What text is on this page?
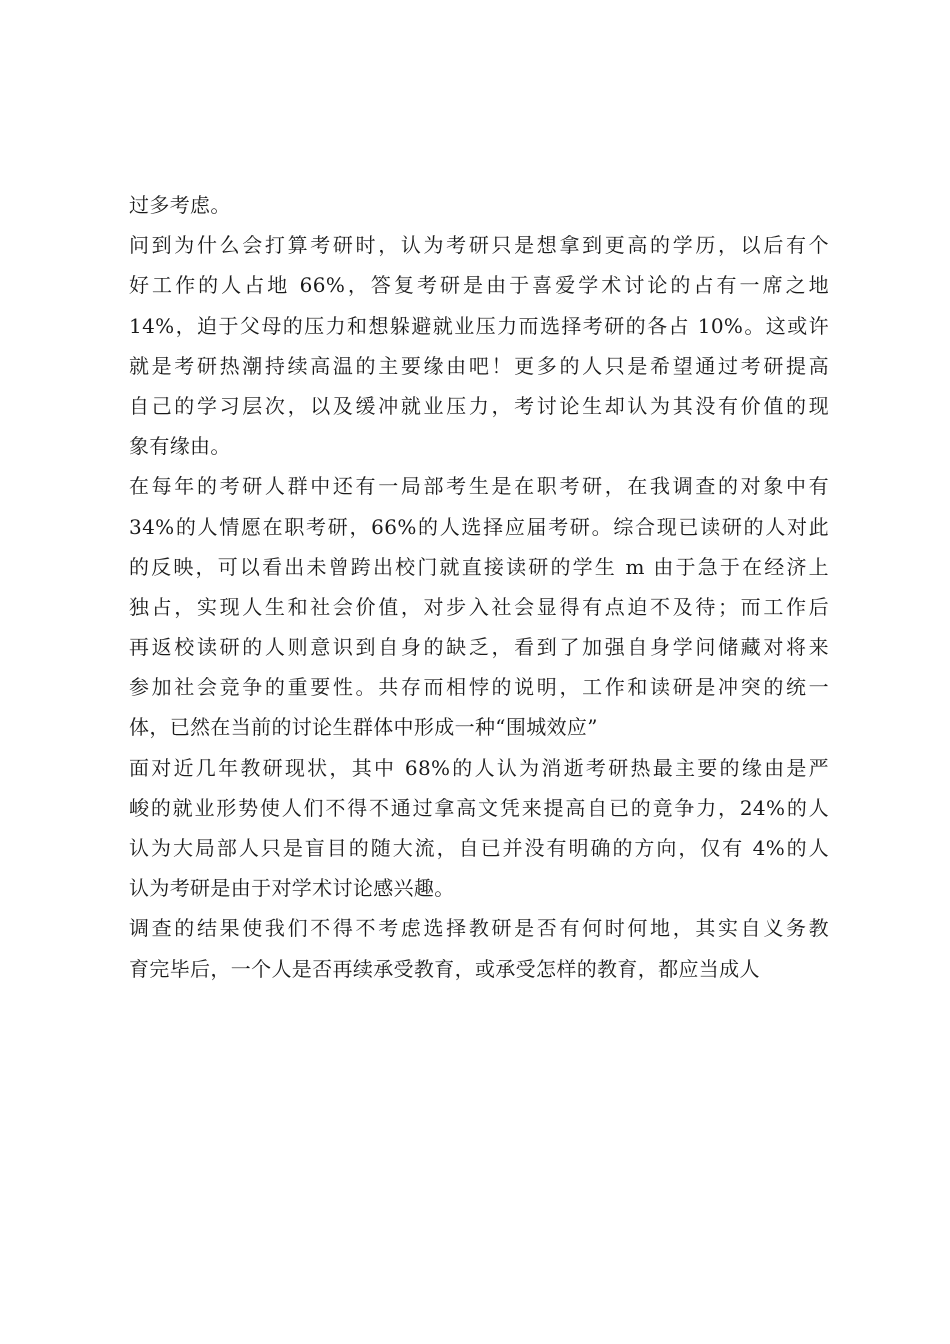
过多考虑。
问到为什么会打算考研时，认为考研只是想拿到更高的学历，以后有个
好工作的人占地 66%，答复考研是由于喜爱学术讨论的占有一席之地
14%，迫于父母的压力和想躲避就业压力而选择考研的各占 10%。这或许
就是考研热潮持续高温的主要缘由吧！更多的人只是希望通过考研提高
自己的学习层次，以及缓冲就业压力，考讨论生却认为其没有价值的现
象有缘由。
在每年的考研人群中还有一局部考生是在职考研，在我调查的对象中有
34%的人情愿在职考研，66%的人选择应届考研。综合现已读研的人对此
的反映，可以看出未曾跨出校门就直接读研的学生 m 由于急于在经济上
独占，实现人生和社会价值，对步入社会显得有点迫不及待；而工作后
再返校读研的人则意识到自身的缺乏，看到了加强自身学问储藏对将来
参加社会竞争的重要性。共存而相悖的说明，工作和读研是冲突的统一
体，已然在当前的讨论生群体中形成一种“围城效应”
面对近几年教研现状，其中 68%的人认为消逝考研热最主要的缘由是严
峻的就业形势使人们不得不通过拿高文凭来提高自已的竟争力，24%的人
认为大局部人只是盲目的随大流，自已并没有明确的方向，仅有 4%的人
认为考研是由于对学术讨论感兴趣。
调查的结果使我们不得不考虑选择教研是否有何时何地，其实自义务教
育完毕后，一个人是否再续承受教育，或承受怎样的教育，都应当成人
